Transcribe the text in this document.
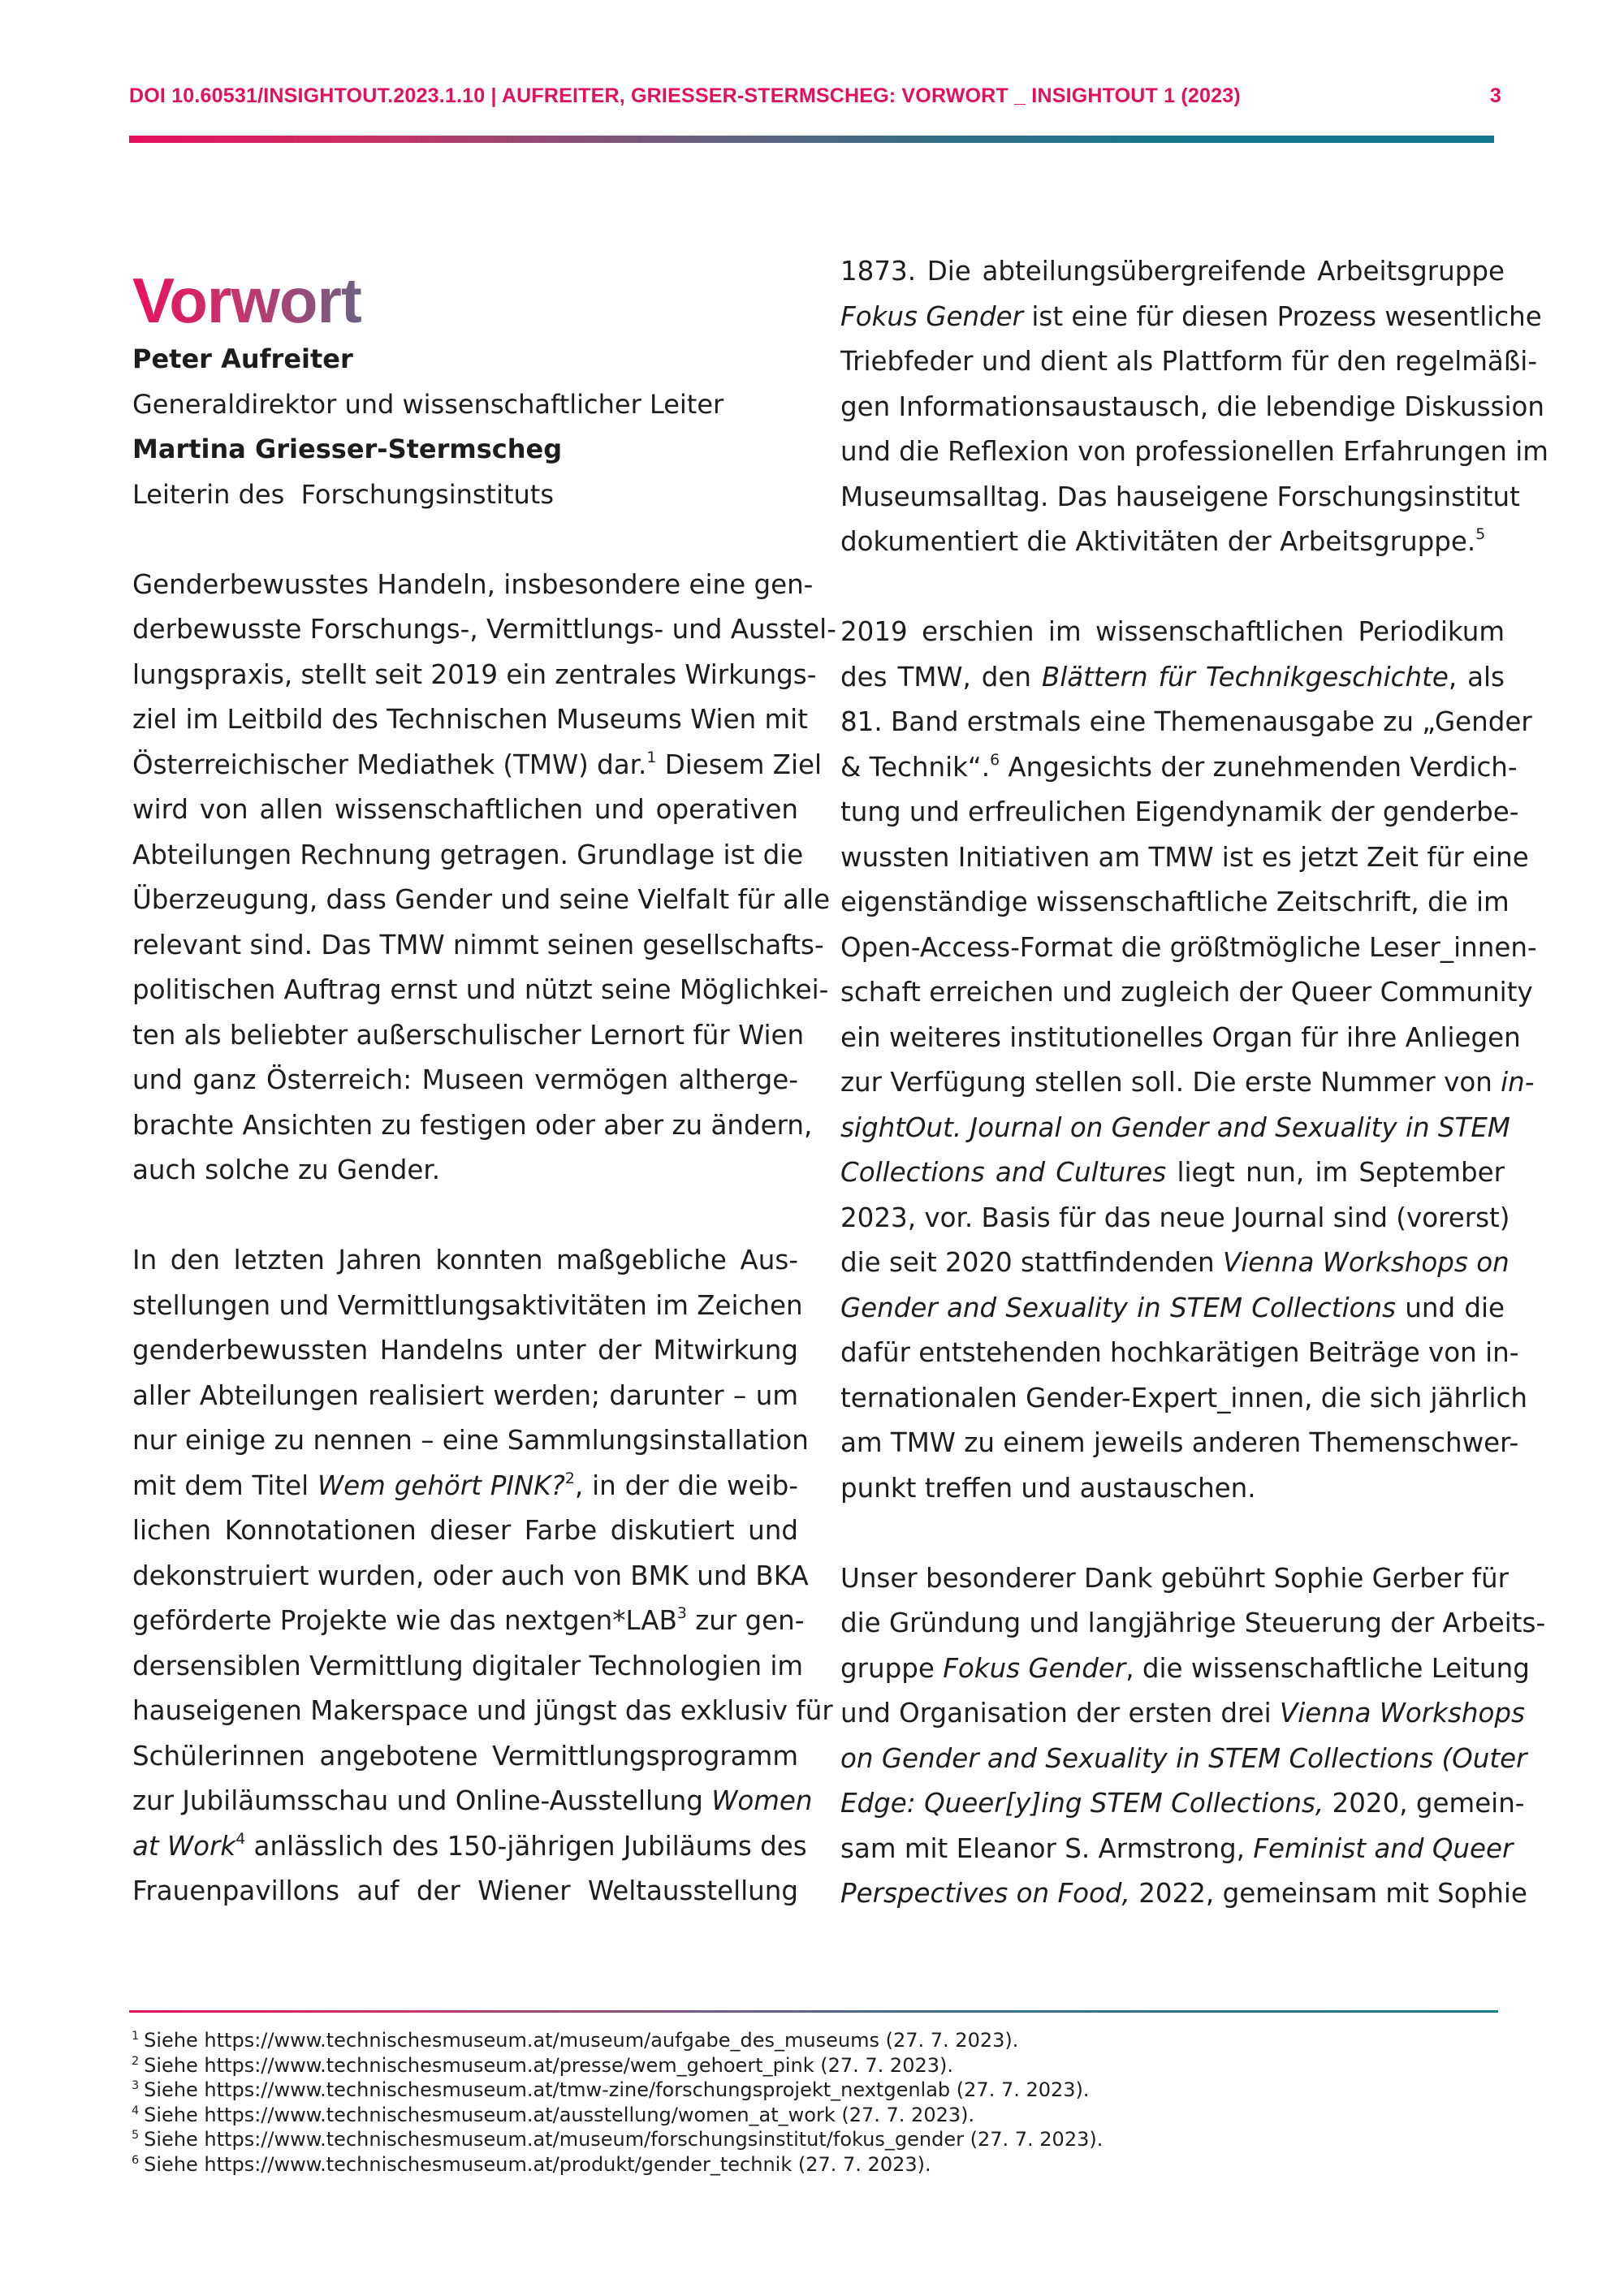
DOI 10.60531/INSIGHTOUT.2023.1.10 | AUFREITER, GRIESSER-STERMSCHEG: VORWORT _ INSIGHTOUT 1 (2023)	3
Vorwort

Peter Aufreiter

Generaldirektor und wissenschaftlicher Leiter

Martina Griesser-Stermscheg

Leiterin des  Forschungsinstituts

Genderbewusstes Handeln, insbesondere eine gen-
derbewusste Forschungs-, Vermittlungs- und Ausstel-
lungspraxis, stellt seit 2019 ein zentrales Wirkungs-
ziel im Leitbild des Technischen Museums Wien mit
Österreichischer Mediathek (TMW) dar.$^1$ Diesem Ziel
wird von allen wissenschaftlichen und operativen
Abteilungen Rechnung getragen. Grundlage ist die
Überzeugung, dass Gender und seine Vielfalt für alle
relevant sind. Das TMW nimmt seinen gesellschafts-
politischen Auftrag ernst und nützt seine Möglichkei-
ten als beliebter außerschulischer Lernort für Wien
und ganz Österreich: Museen vermögen altherge-
brachte Ansichten zu festigen oder aber zu ändern,
auch solche zu Gender.
In den letzten Jahren konnten maßgebliche Aus-
stellungen und Vermittlungsaktivitäten im Zeichen
genderbewussten Handelns unter der Mitwirkung
aller Abteilungen realisiert werden; darunter – um
nur einige zu nennen – eine Sammlungsinstallation
mit dem Titel Wem gehört PINK?$^2$, in der die weib-
lichen Konnotationen dieser Farbe diskutiert und
dekonstruiert wurden, oder auch von BMK und BKA
geförderte Projekte wie das nextgen*LAB$^3$ zur gen-
dersensiblen Vermittlung digitaler Technologien im
hauseigenen Makerspace und jüngst das exklusiv für
Schülerinnen angebotene Vermittlungsprogramm
zur Jubiläumsschau und Online-Ausstellung Women
at Work$^4$ anlässlich des 150-jährigen Jubiläums des
Frauenpavillons auf der Wiener Weltausstellung
1873. Die abteilungsübergreifende Arbeitsgruppe
Fokus Gender ist eine für diesen Prozess wesentliche
Triebfeder und dient als Plattform für den regelmäßi-
gen Informationsaustausch, die lebendige Diskussion
und die Reflexion von professionellen Erfahrungen im
Museumsalltag. Das hauseigene Forschungsinstitut
dokumentiert die Aktivitäten der Arbeitsgruppe.$^5$
2019 erschien im wissenschaftlichen Periodikum
des TMW, den Blättern für Technikgeschichte, als
81. Band erstmals eine Themenausgabe zu „Gender
& Technik“.$^6$ Angesichts der zunehmenden Verdich-
tung und erfreulichen Eigendynamik der genderbe-
wussten Initiativen am TMW ist es jetzt Zeit für eine
eigenständige wissenschaftliche Zeitschrift, die im
Open-Access-Format die größtmögliche Leser_innen-
schaft erreichen und zugleich der Queer Community
ein weiteres institutionelles Organ für ihre Anliegen
zur Verfügung stellen soll. Die erste Nummer von in-
sightOut. Journal on Gender and Sexuality in STEM
Collections and Cultures liegt nun, im September
2023, vor. Basis für das neue Journal sind (vorerst)
die seit 2020 stattfindenden Vienna Workshops on
Gender and Sexuality in STEM Collections und die
dafür entstehenden hochkarätigen Beiträge von in-
ternationalen Gender-Expert_innen, die sich jährlich
am TMW zu einem jeweils anderen Themenschwer-
punkt treffen und austauschen.
Unser besonderer Dank gebührt Sophie Gerber für
die Gründung und langjährige Steuerung der Arbeits-
gruppe Fokus Gender, die wissenschaftliche Leitung
und Organisation der ersten drei Vienna Workshops
on Gender and Sexuality in STEM Collections (Outer
Edge: Queer[y]ing STEM Collections, 2020, gemein-
sam mit Eleanor S. Armstrong, Feminist and Queer
Perspectives on Food, 2022, gemeinsam mit Sophie
$^1$ Siehe https://www.technischesmuseum.at/museum/aufgabe_des_museums (27. 7. 2023).
$^2$ Siehe https://www.technischesmuseum.at/presse/wem_gehoert_pink (27. 7. 2023).
$^3$ Siehe https://www.technischesmuseum.at/tmw-zine/forschungsprojekt_nextgenlab (27. 7. 2023).
$^4$ Siehe https://www.technischesmuseum.at/ausstellung/women_at_work (27. 7. 2023).
$^5$ Siehe https://www.technischesmuseum.at/museum/forschungsinstitut/fokus_gender (27. 7. 2023).
$^6$ Siehe https://www.technischesmuseum.at/produkt/gender_technik (27. 7. 2023).
